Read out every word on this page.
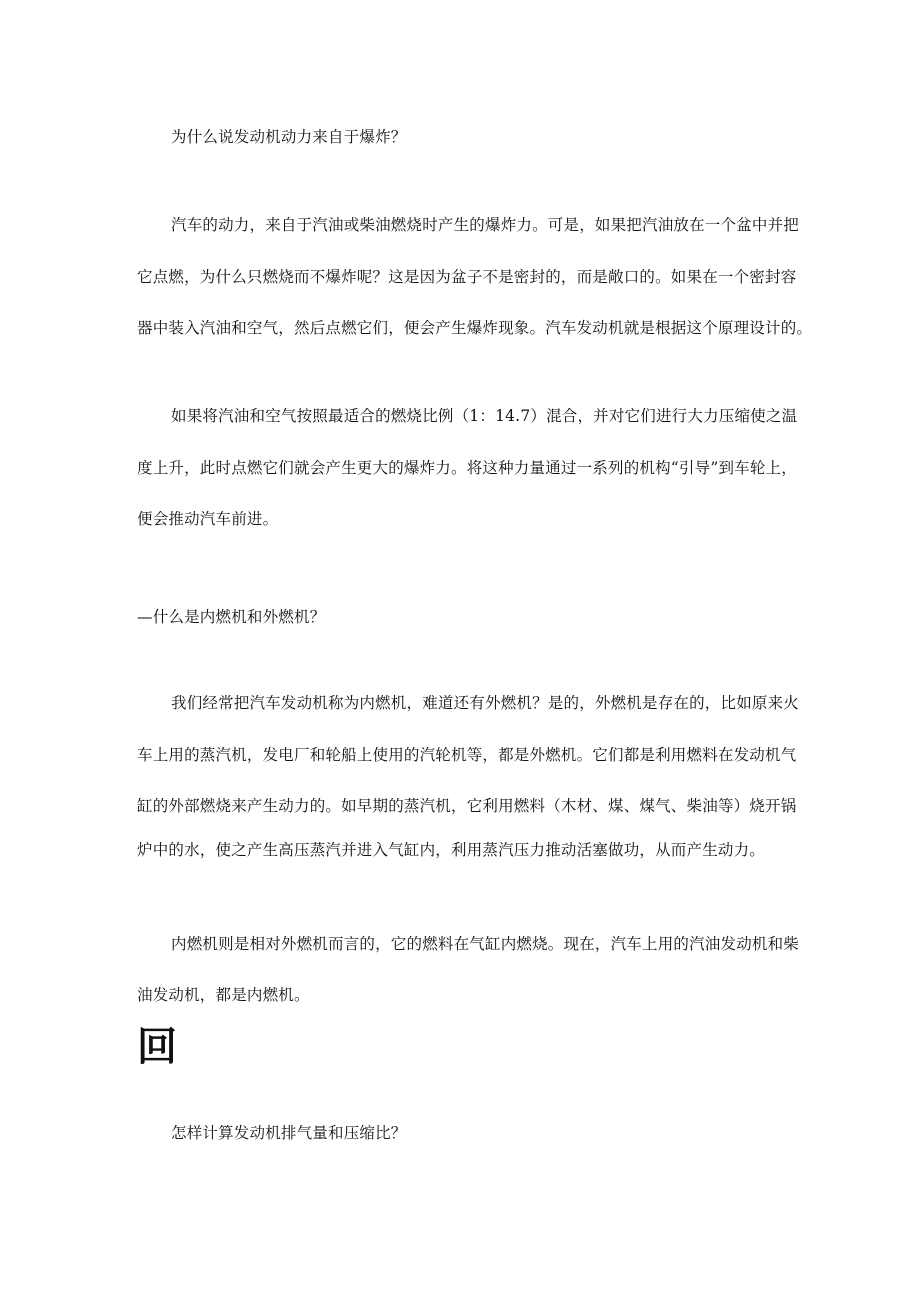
为什么说发动机动力来自于爆炸？
汽车的动力，来自于汽油或柴油燃烧时产生的爆炸力。可是，如果把汽油放在一个盆中并把
它点燃，为什么只燃烧而不爆炸呢？这是因为盆子不是密封的，而是敞口的。如果在一个密封容
器中装入汽油和空气，然后点燃它们，便会产生爆炸现象。汽车发动机就是根据这个原理设计的。
如果将汽油和空气按照最适合的燃烧比例（1：14.7）混合，并对它们进行大力压缩使之温
度上升，此时点燃它们就会产生更大的爆炸力。将这种力量通过一系列的机构“引导”到车轮上，
便会推动汽车前进。
—什么是内燃机和外燃机？
我们经常把汽车发动机称为内燃机，难道还有外燃机？是的，外燃机是存在的，比如原来火
车上用的蒸汽机，发电厂和轮船上使用的汽轮机等，都是外燃机。它们都是利用燃料在发动机气
缸的外部燃烧来产生动力的。如早期的蒸汽机，它利用燃料（木材、煤、煤气、柴油等）烧开锅
炉中的水，使之产生高压蒸汽并进入气缸内，利用蒸汽压力推动活塞做功，从而产生动力。
内燃机则是相对外燃机而言的，它的燃料在气缸内燃烧。现在，汽车上用的汽油发动机和柴
油发动机，都是内燃机。
回
怎样计算发动机排气量和压缩比？
